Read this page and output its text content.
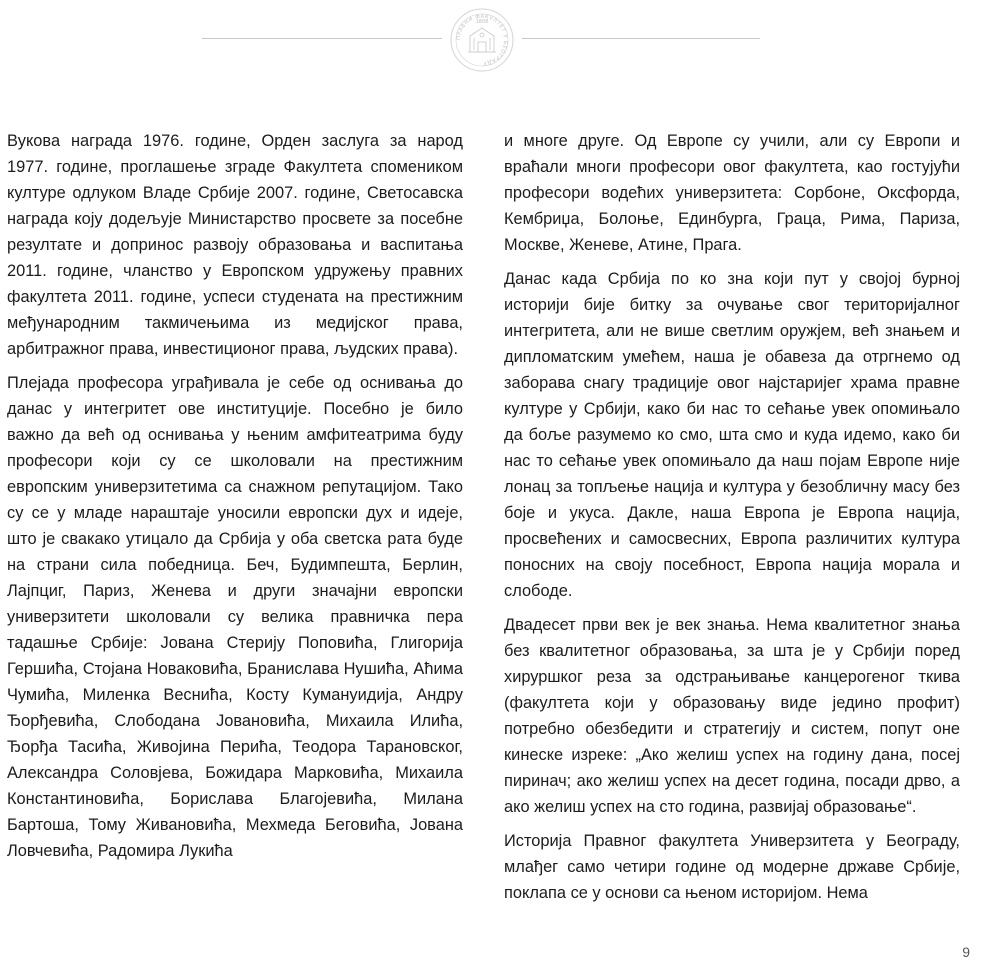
ПРАВНИ ФАКУЛТЕТ У БЕОГРАДУ
1808

Вукова награда 1976. године, Орден заслуга за народ 1977. године, проглашење зграде Факултета спомеником културе одлуком Владе Србије 2007. године, Светосавска награда коју додељује Министарство просвете за посебне резултате и допринос развоју образовања и васпитања 2011. године, чланство у Европском удружењу правних факултета 2011. године, успеси студената на престижним међународним такмичењима из медијског права, арбитражног права, инвестиционог права, људских права).

Плејада професора уграђивала је себе од оснивања до данас у интегритет ове институције. Посебно је било важно да већ од оснивања у њеним амфитеатрима буду професори који су се школовали на престижним европским универзитетима са снажном репутацијом. Тако су се у младе нараштаје уносили европски дух и идеје, што је свакако утицало да Србија у оба светска рата буде на страни сила победница. Беч, Будимпешта, Берлин, Лајпциг, Париз, Женева и други значајни европски универзитети школовали су велика правничка пера тадашње Србије: Јована Стерију Поповића, Глигорија Гершића, Стојана Новаковића, Бранислава Нушића, Аћима Чумића, Миленка Веснића, Косту Кумануидија, Андру Ђорђевића, Слободана Јовановића, Михаила Илића, Ђорђа Тасића, Живојина Перића, Теодора Тарановског, Александра Соловјева, Божидара Марковића, Михаила Константиновића, Бориславa Благојевића, Милана Бартоша, Тому Живановића, Мехмеда Беговића, Јована Ловчевића, Радомира Лукића

и многе друге. Од Европе су учили, али су Европи и враћали многи професори овог факултета, као гостујући професори водећих универзитета: Сорбоне, Оксфорда, Кембриџа, Болоње, Единбурга, Граца, Рима, Париза, Москве, Женеве, Атине, Прага.

Данас када Србија по ко зна који пут у својој бурној историји бије битку за очување свог територијалног интегритета, али не више светлим оружјем, већ знањем и дипломатским умећем, наша је обавеза да отргнемо од заборава снагу традиције овог најстаријег храма правне културе у Србији, како би нас то сећање увек опомињало да боље разумемо ко смо, шта смо и куда идемо, како би нас то сећање увек опомињало да наш појам Европе није лонац за топљење нација и култура у безобличну масу без боје и укуса. Дакле, наша Европа је Европа нација, просвећених и самосвесних, Европа различитих култура поносних на своју посебност, Европа нација морала и слободе.

Двадесет први век је век знања. Нема квалитетног знања без квалитетног образовања, за шта је у Србији поред хируршког реза за одстрањивање канцерогеног ткива (факултета који у образовању виде једино профит) потребно обезбедити и стратегију и систем, попут оне кинеске изреке: „Ако желиш успех на годину дана, посеј пиринач; ако желиш успех на десет година, посади дрво, а ако желиш успех на сто година, развијај образовање“.

Историја Правног факултета Универзитета у Београду, млађег само четири године од модерне државе Србије, поклапа се у основи са њеном историјом. Нема

9
